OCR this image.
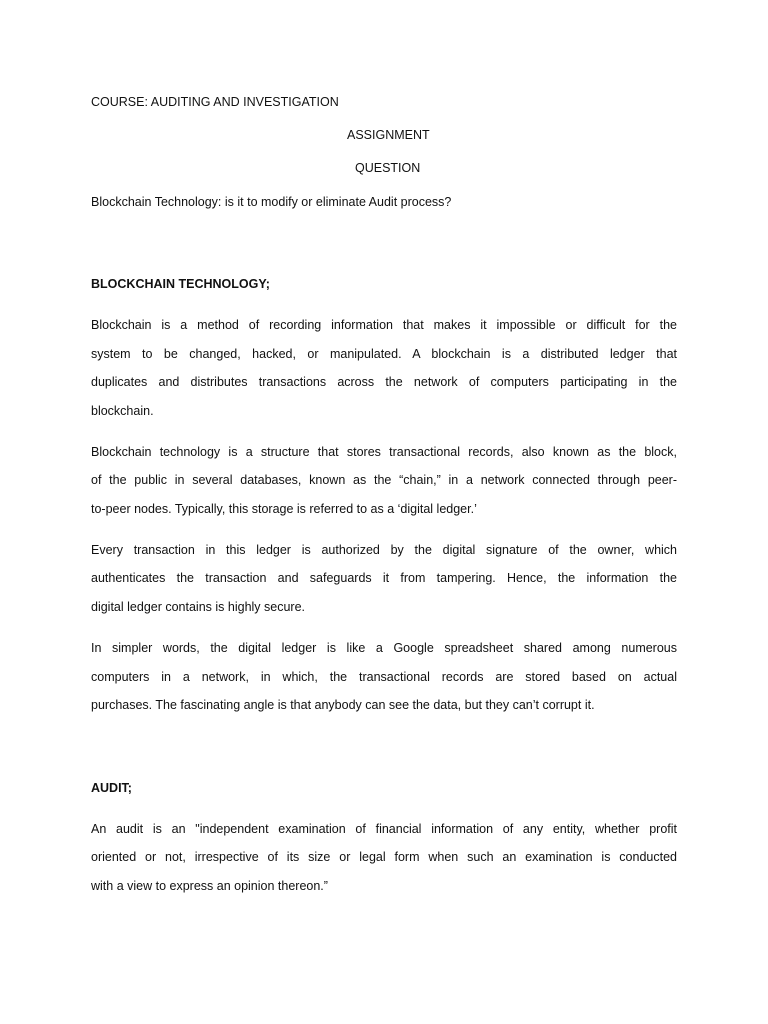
COURSE: AUDITING AND INVESTIGATION
ASSIGNMENT
QUESTION
Blockchain Technology: is it to modify or eliminate Audit process?
BLOCKCHAIN TECHNOLOGY;
Blockchain is a method of recording information that makes it impossible or difficult for the
system to be changed, hacked, or manipulated. A blockchain is a distributed ledger that
duplicates and distributes transactions across the network of computers participating in the
blockchain.
Blockchain technology is a structure that stores transactional records, also known as the block,
of the public in several databases, known as the “chain,” in a network connected through peer-
to-peer nodes. Typically, this storage is referred to as a ‘digital ledger.’
Every transaction in this ledger is authorized by the digital signature of the owner, which
authenticates the transaction and safeguards it from tampering. Hence, the information the
digital ledger contains is highly secure.
In simpler words, the digital ledger is like a Google spreadsheet shared among numerous
computers in a network, in which, the transactional records are stored based on actual
purchases. The fascinating angle is that anybody can see the data, but they can’t corrupt it.
AUDIT;
An audit is an "independent examination of financial information of any entity, whether profit
oriented or not, irrespective of its size or legal form when such an examination is conducted
with a view to express an opinion thereon.”
